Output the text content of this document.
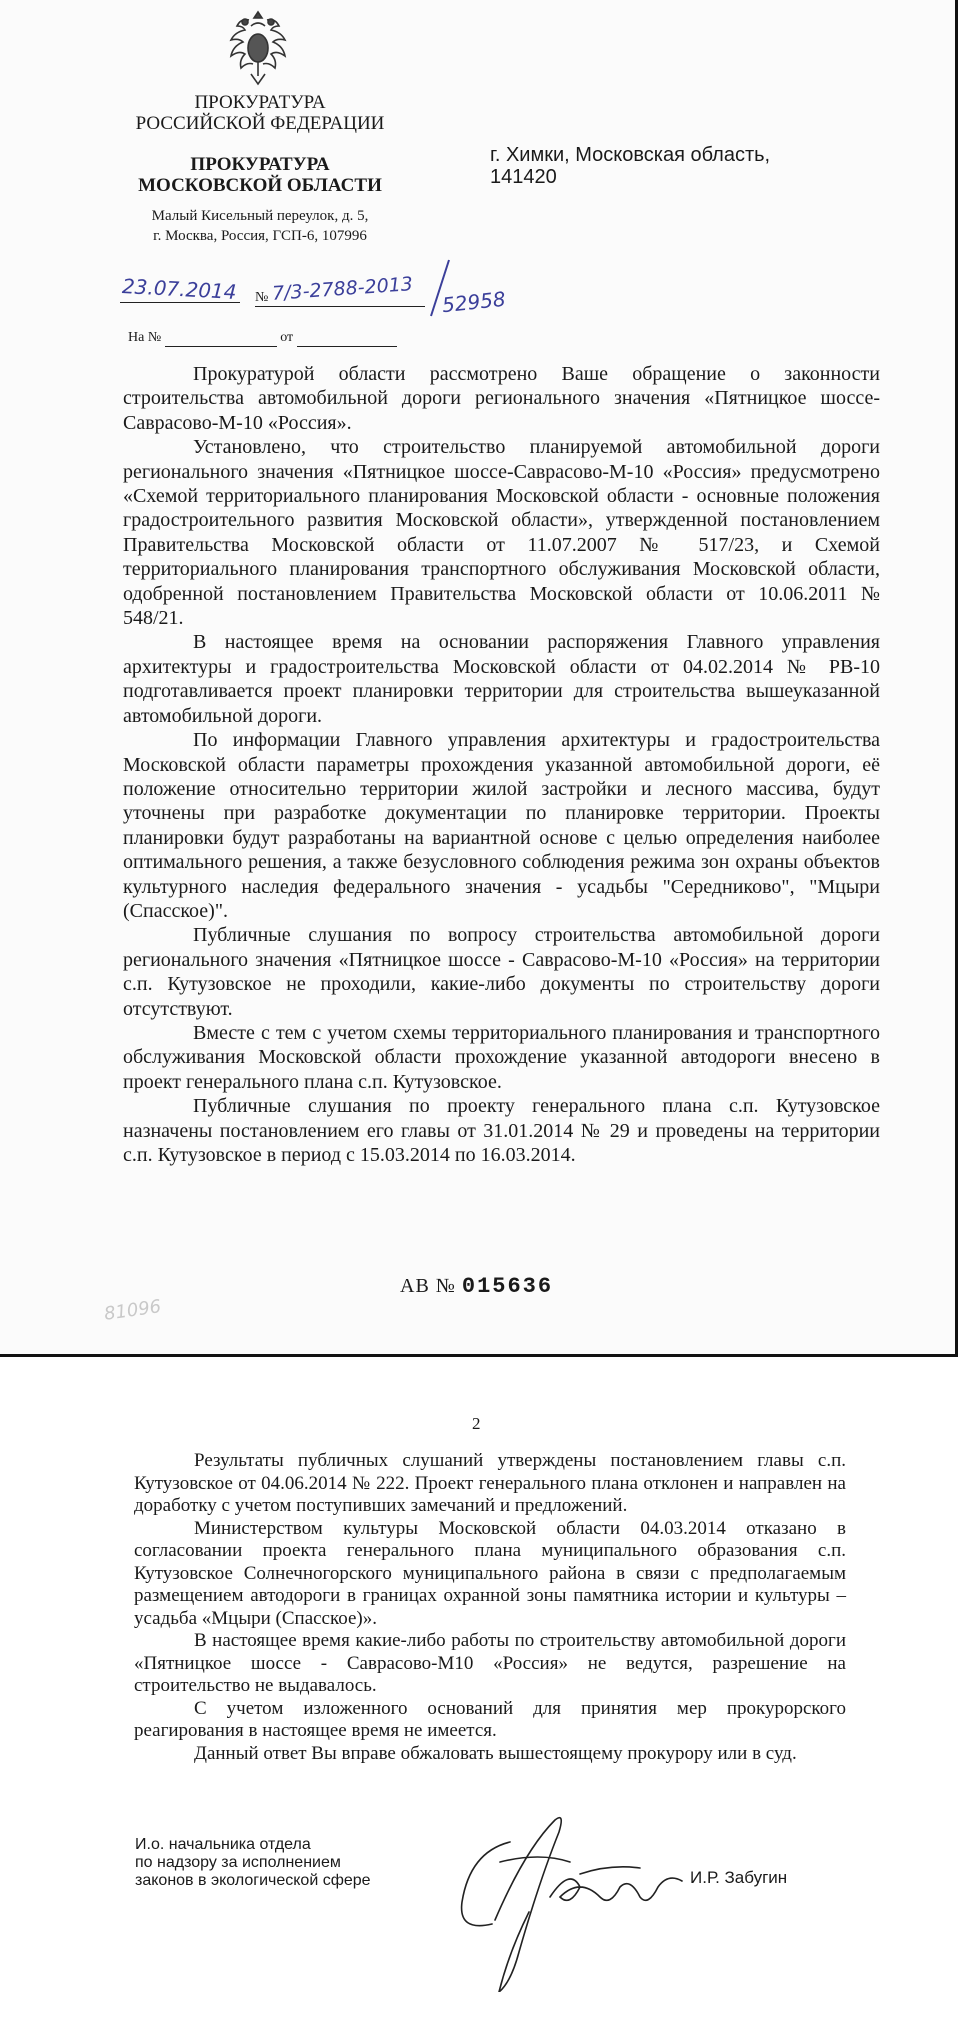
ПРОКУРАТУРА
РОССИЙСКОЙ ФЕДЕРАЦИИ
ПРОКУРАТУРА
МОСКОВСКОЙ ОБЛАСТИ
Малый Кисельный переулок, д. 5,
г. Москва, Россия, ГСП-6, 107996
г. Химки, Московская область,
141420
23.07.2014 № 7/3-2788-2013 52958
На №	от

Прокуратурой области рассмотрено Ваше обращение о законности строительства автомобильной дороги регионального значения «Пятницкое шоссе-Саврасово-М-10 «Россия».

Установлено, что строительство планируемой автомобильной дороги регионального значения «Пятницкое шоссе-Саврасово-М-10 «Россия» предусмотрено «Схемой территориального планирования Московской области - основные положения градостроительного развития Московской области», утвержденной постановлением Правительства Московской области от 11.07.2007 № 517/23, и Схемой территориального планирования транспортного обслуживания Московской области, одобренной постановлением Правительства Московской области от 10.06.2011 № 548/21.

В настоящее время на основании распоряжения Главного управления архитектуры и градостроительства Московской области от 04.02.2014 № РВ-10 подготавливается проект планировки территории для строительства вышеуказанной автомобильной дороги.

По информации Главного управления архитектуры и градостроительства Московской области параметры прохождения указанной автомобильной дороги, её положение относительно территории жилой застройки и лесного массива, будут уточнены при разработке документации по планировке территории. Проекты планировки будут разработаны на вариантной основе с целью определения наиболее оптимального решения, а также безусловного соблюдения режима зон охраны объектов культурного наследия федерального значения - усадьбы "Середниково", "Мцыри (Спасское)".

Публичные слушания по вопросу строительства автомобильной дороги регионального значения «Пятницкое шоссе - Саврасово-М-10 «Россия» на территории с.п. Кутузовское не проходили, какие-либо документы по строительству дороги отсутствуют.

Вместе с тем с учетом схемы территориального планирования и транспортного обслуживания Московской области прохождение указанной автодороги внесено в проект генерального плана с.п. Кутузовское.

Публичные слушания по проекту генерального плана с.п. Кутузовское назначены постановлением его главы от 31.01.2014 № 29 и проведены на территории с.п. Кутузовское в период с 15.03.2014 по 16.03.2014.

АВ № 015636
81096
2

Результаты публичных слушаний утверждены постановлением главы с.п. Кутузовское от 04.06.2014 № 222. Проект генерального плана отклонен и направлен на доработку с учетом поступивших замечаний и предложений.

Министерством культуры Московской области 04.03.2014 отказано в согласовании проекта генерального плана муниципального образования с.п. Кутузовское Солнечногорского муниципального района в связи с предполагаемым размещением автодороги в границах охранной зоны памятника истории и культуры – усадьба «Мцыри (Спасское)».

В настоящее время какие-либо работы по строительству автомобильной дороги «Пятницкое шоссе - Саврасово-М10 «Россия» не ведутся, разрешение на строительство не выдавалось.

С учетом изложенного оснований для принятия мер прокурорского реагирования в настоящее время не имеется.

Данный ответ Вы вправе обжаловать вышестоящему прокурору или в суд.

И.о. начальника отдела
по надзору за исполнением
законов в экологической сфере	И.Р. Забугин
